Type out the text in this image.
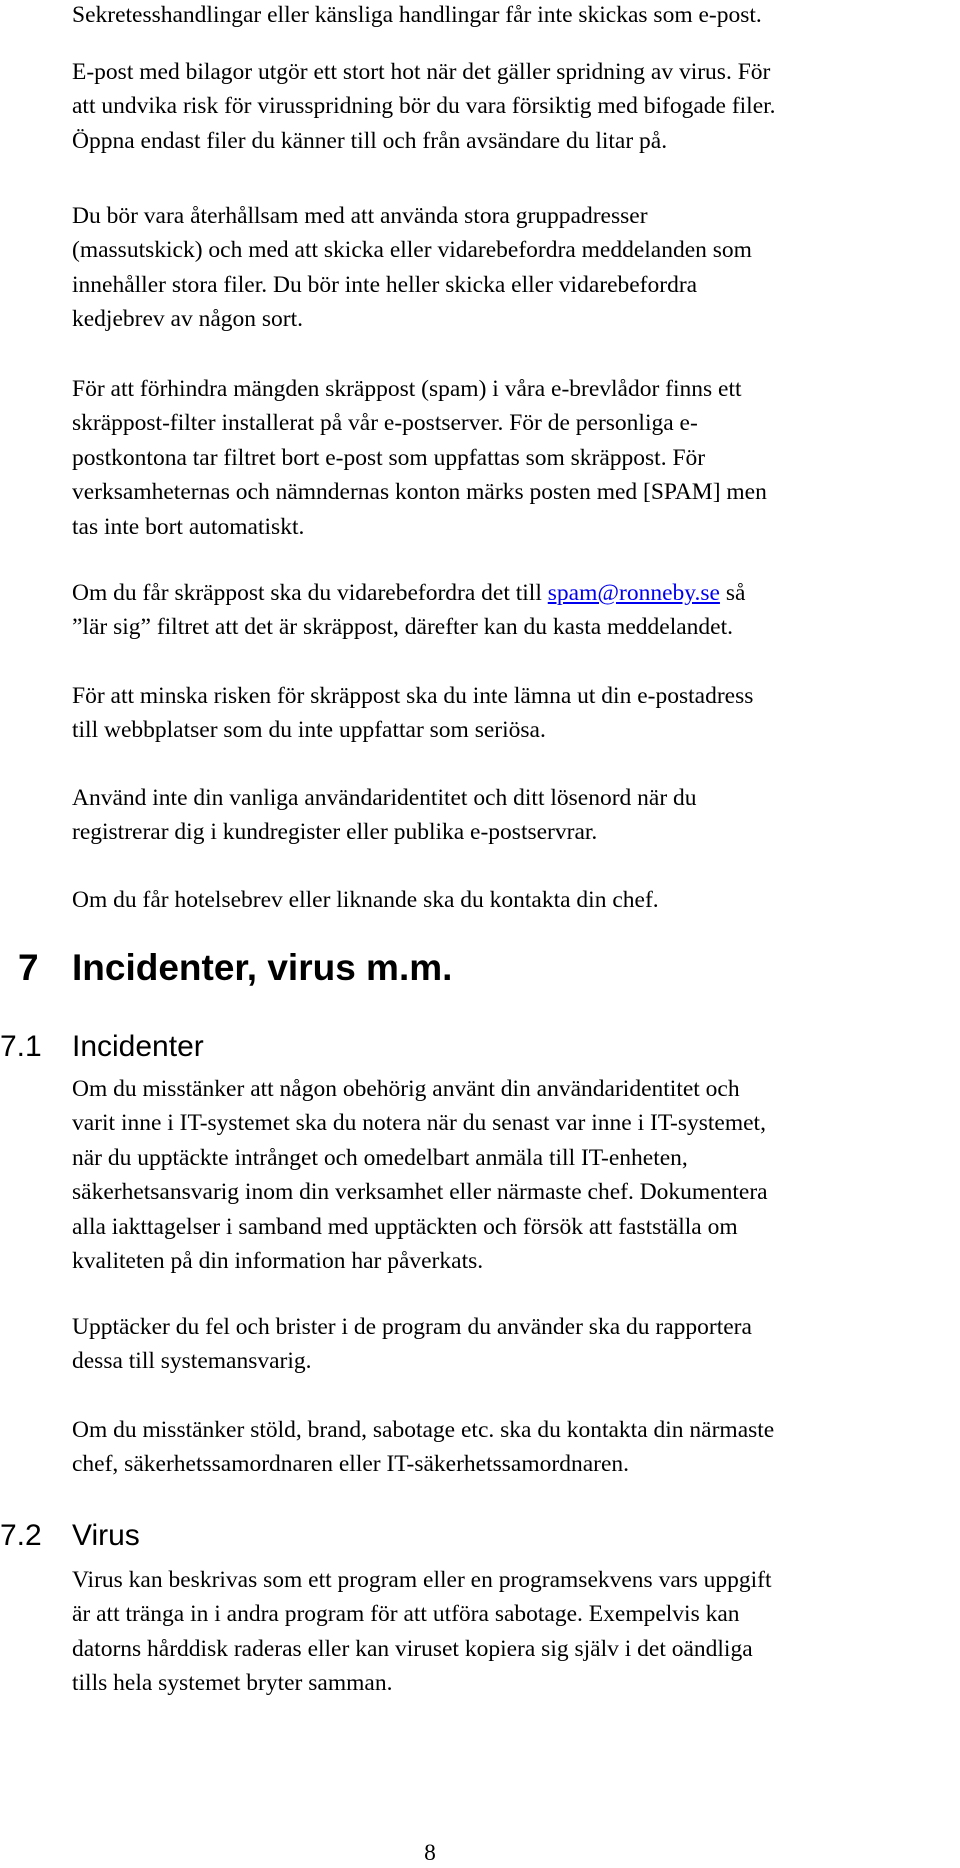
Sekretesshandlingar eller känsliga handlingar får inte skickas som e-post.

E-post med bilagor utgör ett stort hot när det gäller spridning av virus. För
att undvika risk för virusspridning bör du vara försiktig med bifogade filer.
Öppna endast filer du känner till och från avsändare du litar på.

Du bör vara återhållsam med att använda stora gruppadresser
(massutskick) och med att skicka eller vidarebefordra meddelanden som
innehåller stora filer. Du bör inte heller skicka eller vidarebefordra
kedjebrev av någon sort.

För att förhindra mängden skräppost (spam) i våra e-brevlådor finns ett
skräppost-filter installerat på vår e-postserver. För de personliga e-
postkontona tar filtret bort e-post som uppfattas som skräppost. För
verksamheternas och nämndernas konton märks posten med [SPAM] men
tas inte bort automatiskt.

Om du får skräppost ska du vidarebefordra det till spam@ronneby.se så
”lär sig” filtret att det är skräppost, därefter kan du kasta meddelandet.

För att minska risken för skräppost ska du inte lämna ut din e-postadress
till webbplatser som du inte uppfattar som seriösa.

Använd inte din vanliga användaridentitet och ditt lösenord när du
registrerar dig i kundregister eller publika e-postservrar.

Om du får hotelsebrev eller liknande ska du kontakta din chef.

7 Incidenter, virus m.m.
7.1 Incidenter

Om du misstänker att någon obehörig använt din användaridentitet och
varit inne i IT-systemet ska du notera när du senast var inne i IT-systemet,
när du upptäckte intrånget och omedelbart anmäla till IT-enheten,
säkerhetsansvarig inom din verksamhet eller närmaste chef. Dokumentera
alla iakttagelser i samband med upptäckten och försök att fastställa om
kvaliteten på din information har påverkats.

Upptäcker du fel och brister i de program du använder ska du rapportera
dessa till systemansvarig.

Om du misstänker stöld, brand, sabotage etc. ska du kontakta din närmaste
chef, säkerhetssamordnaren eller IT-säkerhetssamordnaren.

7.2 Virus

Virus kan beskrivas som ett program eller en programsekvens vars uppgift
är att tränga in i andra program för att utföra sabotage. Exempelvis kan
datorns hårddisk raderas eller kan viruset kopiera sig själv i det oändliga
tills hela systemet bryter samman.

8
